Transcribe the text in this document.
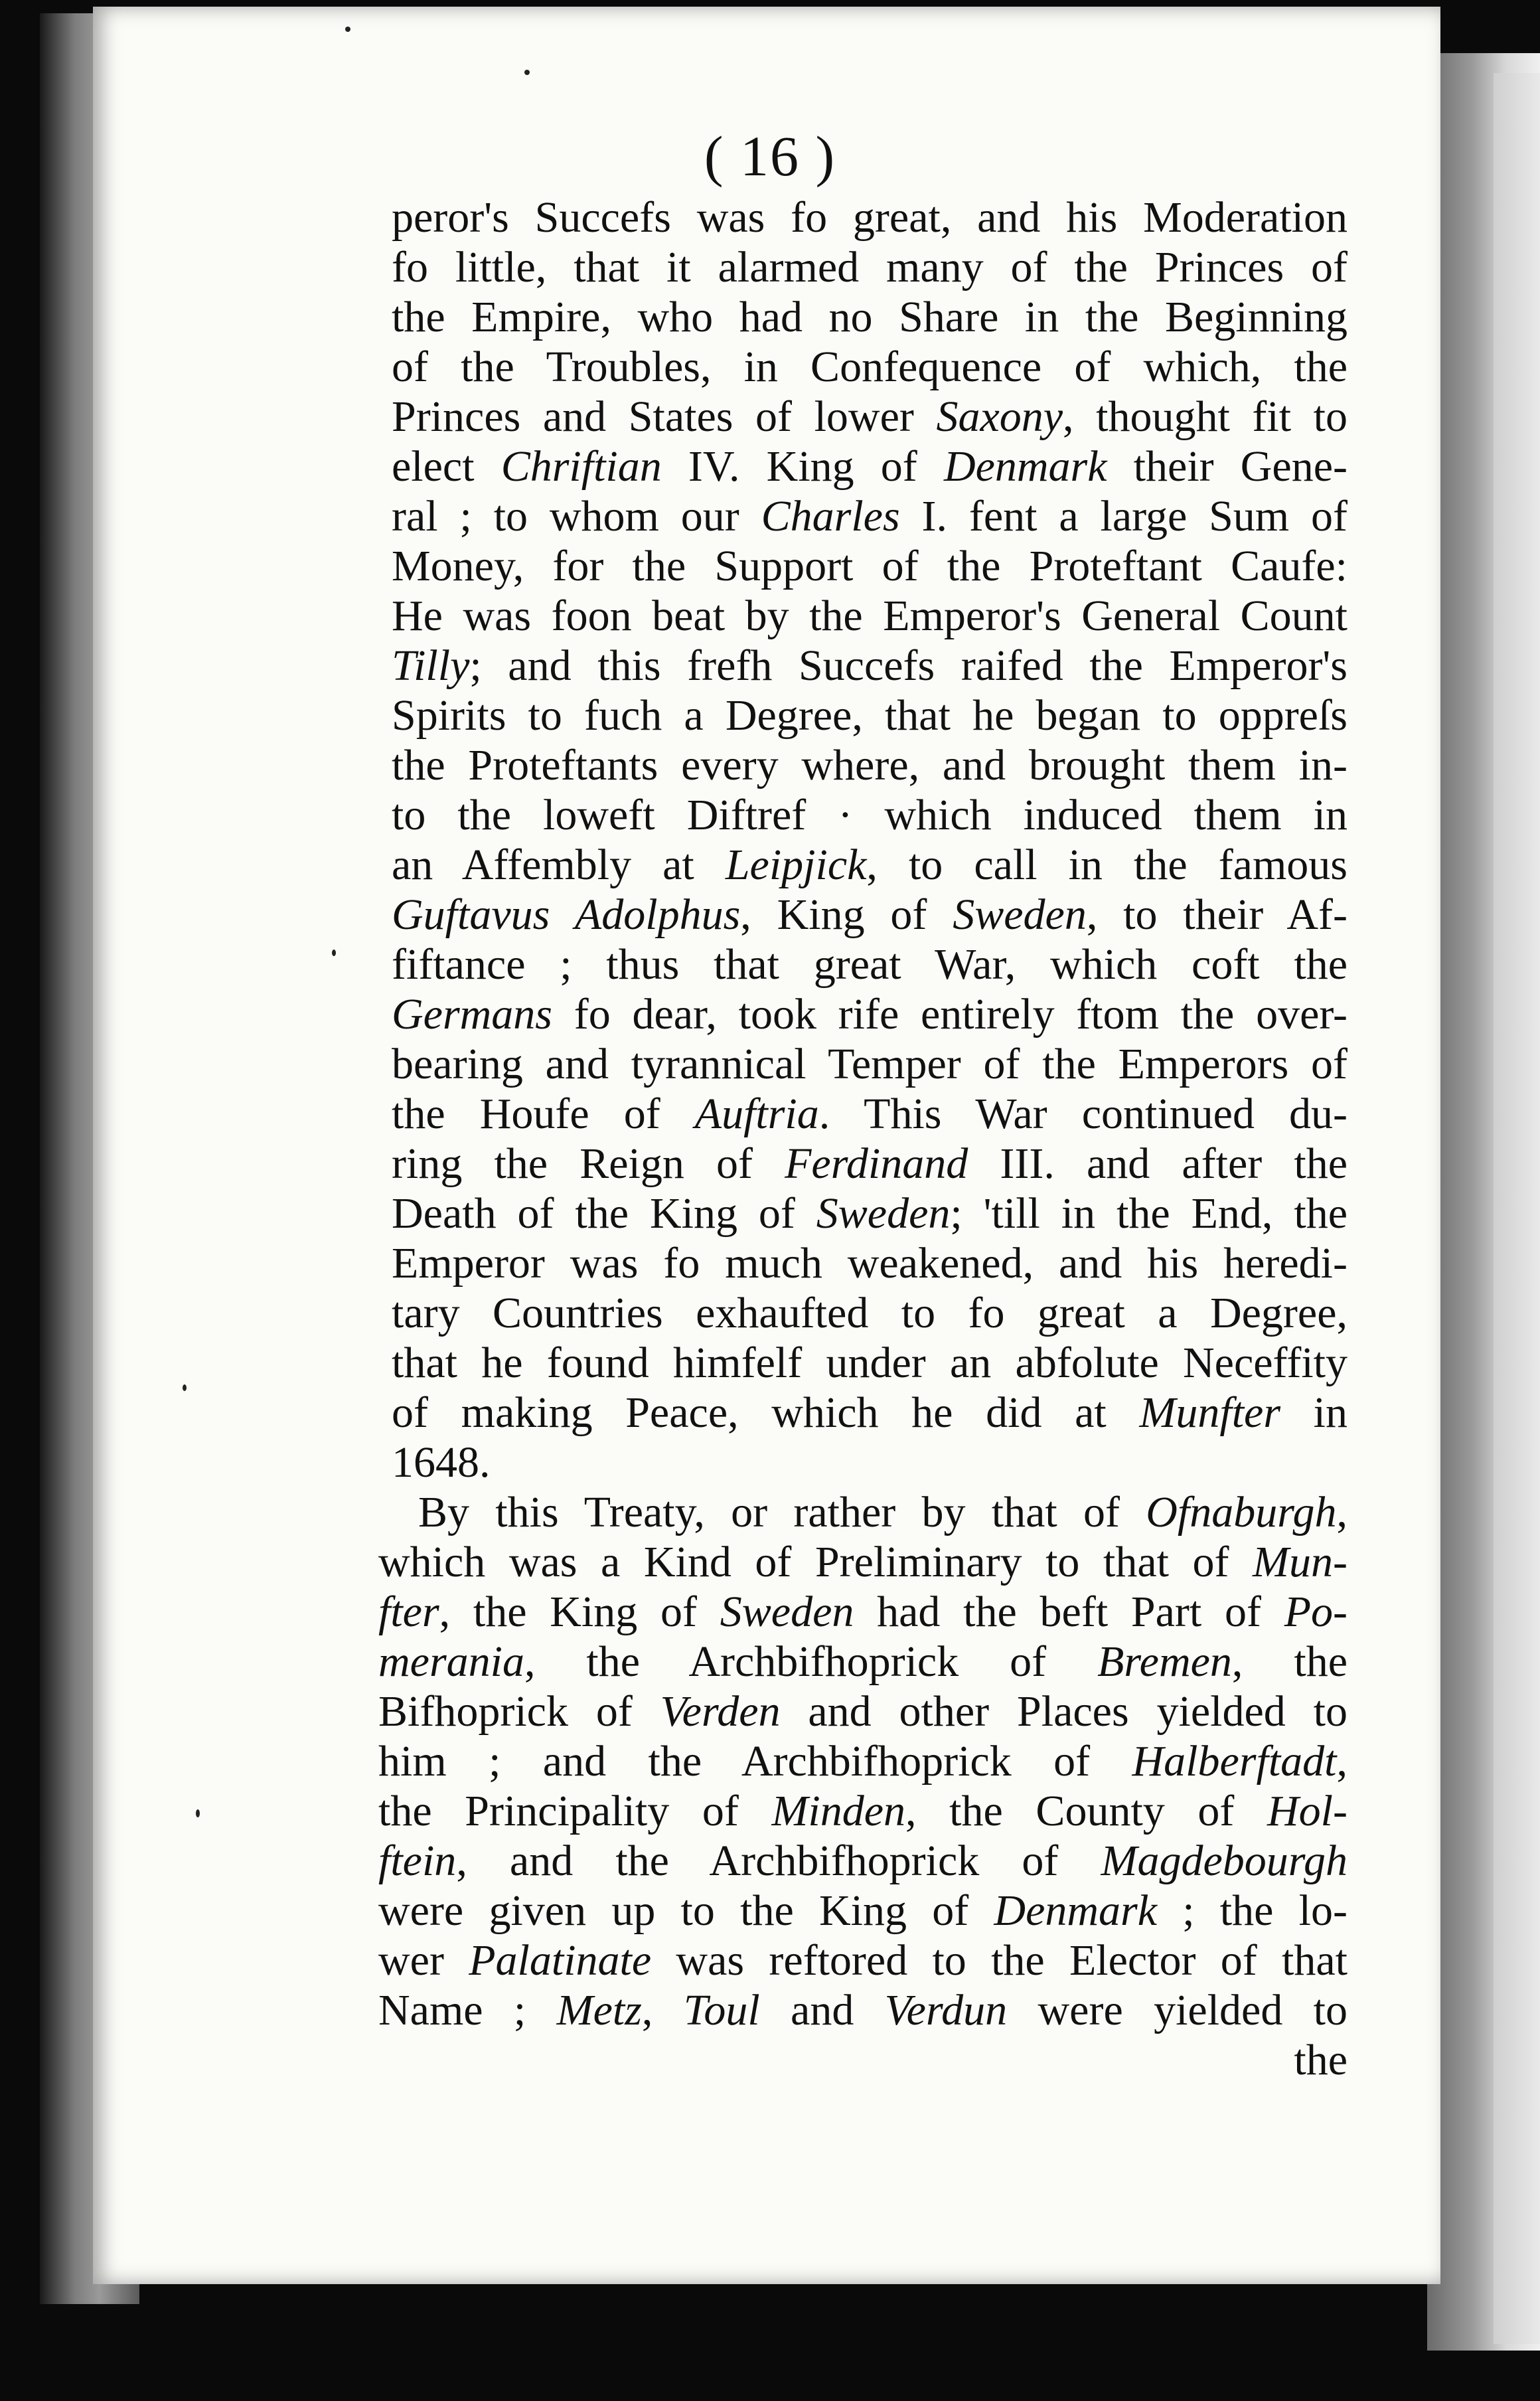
( 16 )
peror's Succefs was fo great, and his Moderation
fo little, that it alarmed many of the Princes of
the Empire, who had no Share in the Beginning
of the Troubles, in Confequence of which, the
Princes and States of lower Saxony, thought fit to
elect Chriftian IV. King of Denmark their Gene-
ral ; to whom our Charles I. fent a large Sum of
Money, for the Support of the Proteftant Caufe:
He was foon beat by the Emperor's General Count
Tilly; and this frefh Succefs raifed the Emperor's
Spirits to fuch a Degree, that he began to oppreſs
the Proteftants every where, and brought them in-
to the loweft Diftref · which induced them in
an Affembly at Leipjick, to call in the famous
Guftavus Adolphus, King of Sweden, to their Af-
fiftance ; thus that great War, which coft the
Germans fo dear, took rife entirely ftom the over-
bearing and tyrannical Temper of the Emperors of
the Houfe of Auftria. This War continued du-
ring the Reign of Ferdinand III. and after the
Death of the King of Sweden; 'till in the End, the
Emperor was fo much weakened, and his heredi-
tary Countries exhaufted to fo great a Degree,
that he found himfelf under an abfolute Neceffity
of making Peace, which he did at Munfter in
1648.
By this Treaty, or rather by that of Ofnaburgh,
which was a Kind of Preliminary to that of Mun-
fter, the King of Sweden had the beft Part of Po-
merania, the Archbifhoprick of Bremen, the
Bifhoprick of Verden and other Places yielded to
him ; and the Archbifhoprick of Halberftadt,
the Principality of Minden, the County of Hol-
ftein, and the Archbifhoprick of Magdebourgh
were given up to the King of Denmark ; the lo-
wer Palatinate was reftored to the Elector of that
Name ; Metz, Toul and Verdun were yielded to
the
